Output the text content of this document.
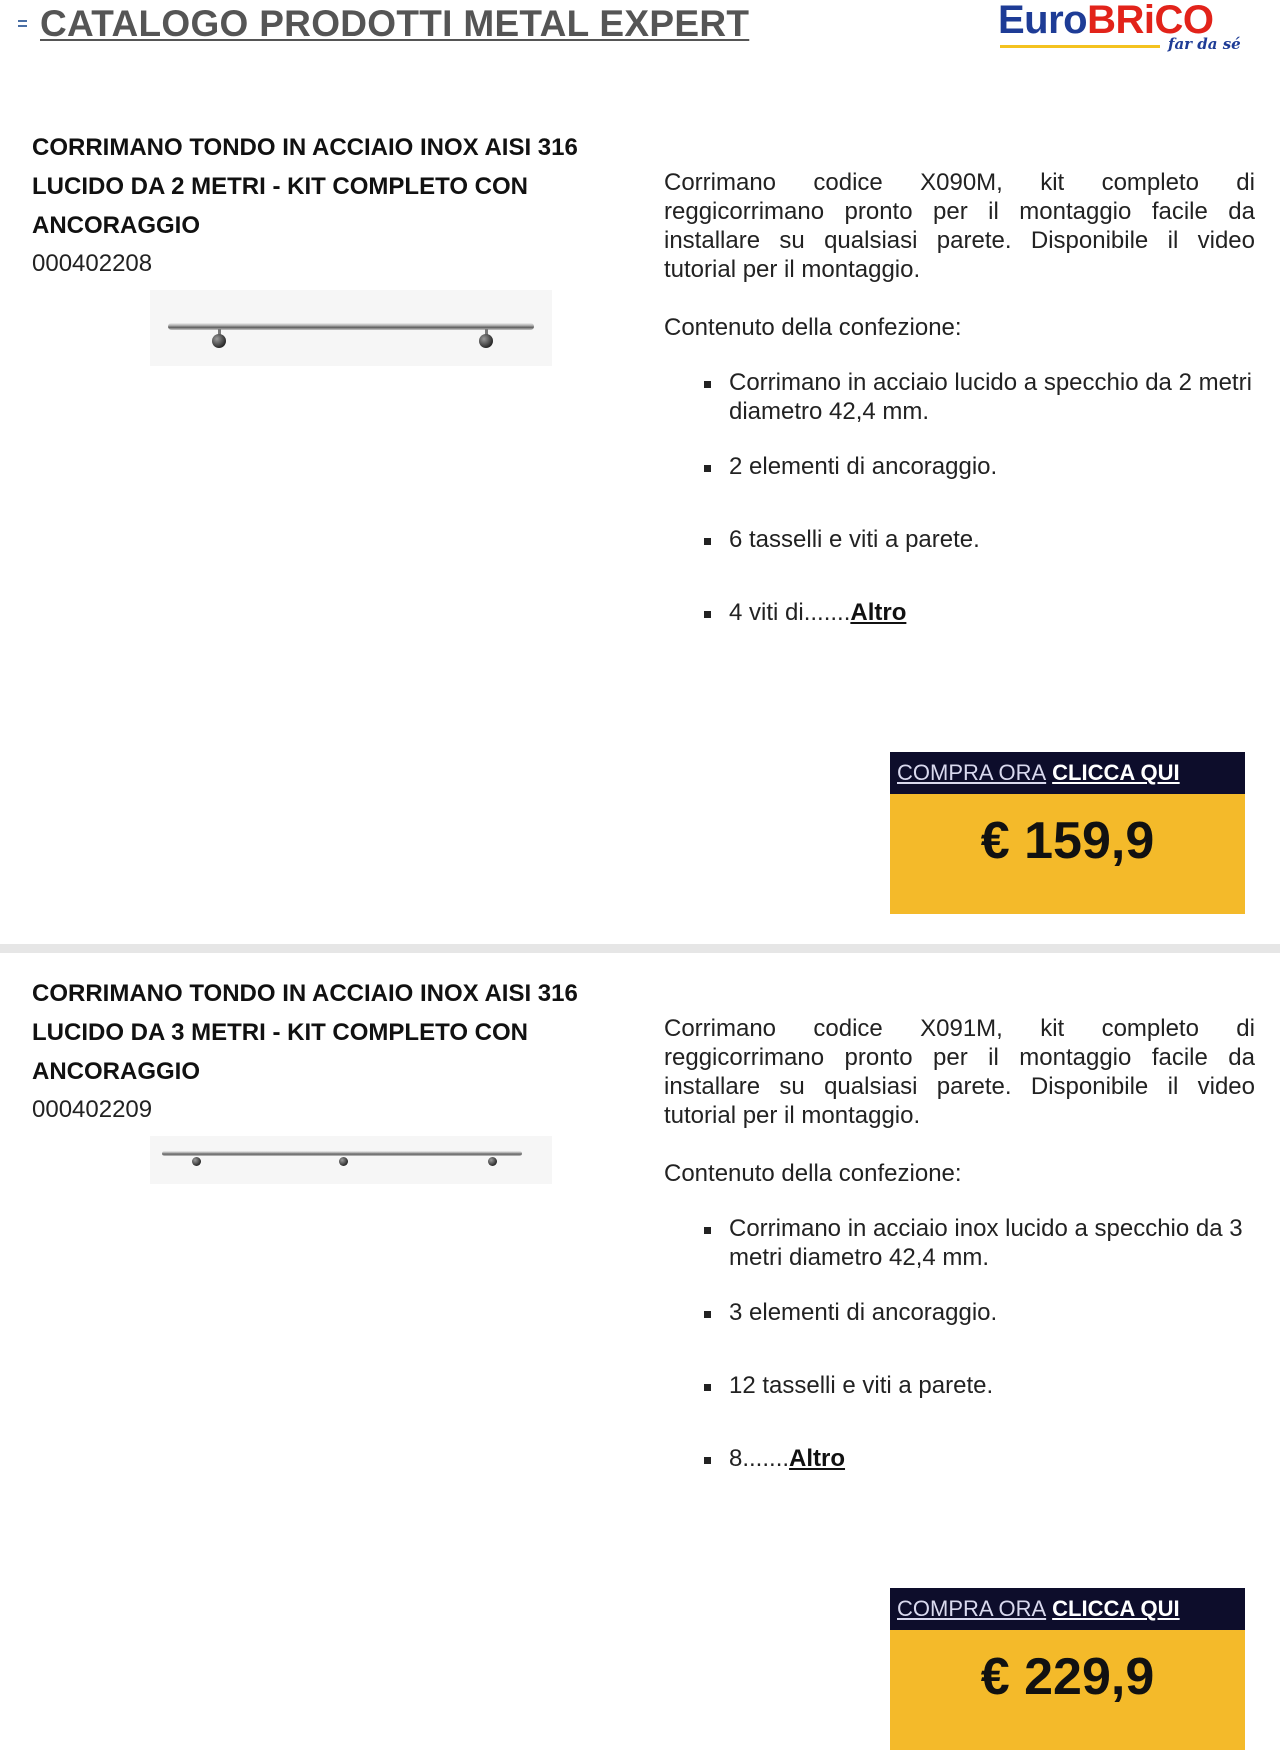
CATALOGO PRODOTTI METAL EXPERT	EuroBRiCO
far da sé
CORRIMANO TONDO IN ACCIAIO INOX AISI 316 LUCIDO DA 2 METRI - KIT COMPLETO CON ANCORAGGIO
000402208
Corrimano codice X090M, kit completo di reggicorrimano pronto per il montaggio facile da installare su qualsiasi parete. Disponibile il video tutorial per il montaggio.
Contenuto della confezione:
Corrimano in acciaio lucido a specchio da 2 metri diametro 42,4 mm.
2 elementi di ancoraggio.
6 tasselli e viti a parete.
4 viti di.......Altro
COMPRA ORA CLICCA QUI
€ 159,9
CORRIMANO TONDO IN ACCIAIO INOX AISI 316 LUCIDO DA 3 METRI - KIT COMPLETO CON ANCORAGGIO
000402209
Corrimano codice X091M, kit completo di reggicorrimano pronto per il montaggio facile da installare su qualsiasi parete. Disponibile il video tutorial per il montaggio.
Contenuto della confezione:
Corrimano in acciaio inox lucido a specchio da 3 metri diametro 42,4 mm.
3 elementi di ancoraggio.
12 tasselli e viti a parete.
8.......Altro
COMPRA ORA CLICCA QUI
€ 229,9
